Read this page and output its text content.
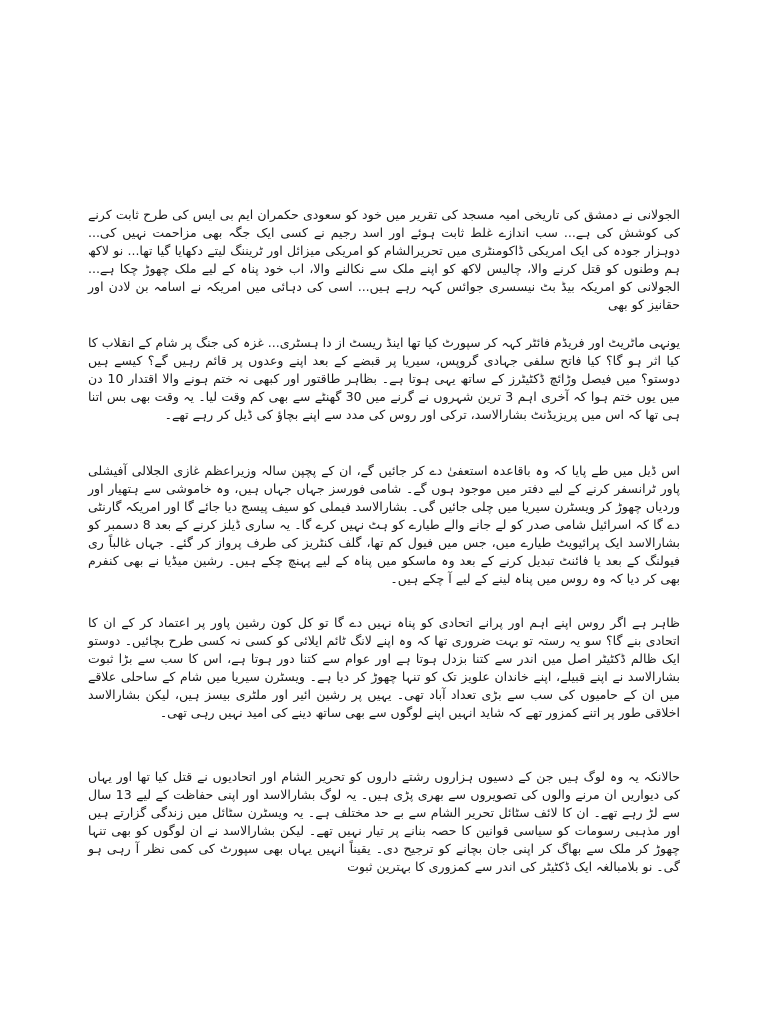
الجولانی نے دمشق کی تاریخی امیہ مسجد کی تقریر میں خود کو سعودی حکمران ایم بی ایس کی طرح ثابت کرنے کی کوشش کی ہے... سب اندازے غلط ثابت ہوئے اور اسد رجیم نے کسی ایک جگہ بھی مزاحمت نہیں کی... دوہزار جودہ کی ایک امریکی ڈاکومنٹری میں تحریرالشام کو امریکی میزائل اور ٹریننگ لیتے دکھایا گیا تھا... نو لاکھ ہم وطنوں کو قتل کرنے والا، چالیس لاکھ کو اپنے ملک سے نکالنے والا، اب خود پناہ کے لیے ملک چھوڑ چکا ہے... الجولانی کو امریکہ بیڈ بٹ نیسسری جوائس کہہ رہے ہیں... اسی کی دہائی میں امریکہ نے اسامہ بن لادن اور حقانیز کو بھی

یونہی ماٹریٹ اور فریڈم فائٹر کہہ کر سپورٹ کیا تھا اینڈ ریسٹ از دا ہسٹری... غزہ کی جنگ پر شام کے انقلاب کا کیا اثر ہو گا؟ کیا فاتح سلفی جہادی گروپس، سیریا پر قبضے کے بعد اپنے وعدوں پر قائم رہیں گے؟ کیسے ہیں دوستو؟ میں فیصل وڑائچ ڈکٹیٹرز کے ساتھ یہی ہوتا ہے۔ بظاہر طاقتور اور کبھی نہ ختم ہونے والا اقتدار 10 دن میں یوں ختم ہوا کہ آخری اہم 3 ترین شہروں نے گرنے میں 30 گھنٹے سے بھی کم وقت لیا۔ یہ وقت بھی بس اتنا ہی تھا کہ اس میں پریزیڈنٹ بشارالاسد، ترکی اور روس کی مدد سے اپنے بچاؤ کی ڈیل کر رہے تھے۔

اس ڈیل میں طے پایا کہ وہ باقاعدہ استعفیٰ دے کر جائیں گے، ان کے پچپن سالہ وزیراعظم غازی الجلالی آفیشلی پاور ٹرانسفر کرنے کے لیے دفتر میں موجود ہوں گے۔ شامی فورسز جہاں جہاں ہیں، وہ خاموشی سے ہتھیار اور وردیاں چھوڑ کر ویسٹرن سیریا میں چلی جائیں گی۔ بشارالاسد فیملی کو سیف پیسج دیا جائے گا اور امریکہ گارنٹی دے گا کہ اسرائیل شامی صدر کو لے جانے والے طیارے کو ہٹ نہیں کرے گا۔ یہ ساری ڈیلز کرنے کے بعد 8 دسمبر کو بشارالاسد ایک پرائیویٹ طیارے میں، جس میں فیول کم تھا، گلف کنٹریز کی طرف پرواز کر گئے۔ جہاں غالباً ری فیولنگ کے بعد یا فائنٹ تبدیل کرنے کے بعد وہ ماسکو میں پناہ کے لیے پہنچ چکے ہیں۔ رشین میڈیا نے بھی کنفرم بھی کر دیا کہ وہ روس میں پناہ لینے کے لیے آ چکے ہیں۔

ظاہر ہے اگر روس اپنے اہم اور پرانے اتحادی کو پناہ نہیں دے گا تو کل کون رشین پاور پر اعتماد کر کے ان کا اتحادی بنے گا؟ سو یہ رستہ تو بہت ضروری تھا کہ وہ اپنے لانگ ٹائم ایلائی کو کسی نہ کسی طرح بچائیں۔ دوستو ایک ظالم ڈکٹیٹر اصل میں اندر سے کتنا بزدل ہوتا ہے اور عوام سے کتنا دور ہوتا ہے، اس کا سب سے بڑا ثبوت بشارالاسد نے اپنے قبیلے، اپنے خاندان علویز تک کو تنہا چھوڑ کر دیا ہے۔ ویسٹرن سیریا میں شام کے ساحلی علاقے میں ان کے حامیوں کی سب سے بڑی تعداد آباد تھی۔ یہیں پر رشین ائیر اور ملٹری بیسز ہیں، لیکن بشارالاسد اخلاقی طور پر اتنے کمزور تھے کہ شاید انہیں اپنے لوگوں سے بھی ساتھ دینے کی امید نہیں رہی تھی۔

حالانکہ یہ وہ لوگ ہیں جن کے دسیوں ہزاروں رشتے داروں کو تحریر الشام اور اتحادیوں نے قتل کیا تھا اور یہاں کی دیواریں ان مرنے والوں کی تصویروں سے بھری پڑی ہیں۔ یہ لوگ بشارالاسد اور اپنی حفاظت کے لیے 13 سال سے لڑ رہے تھے۔ ان کا لائف سٹائل تحریر الشام سے بے حد مختلف ہے۔ یہ ویسٹرن سٹائل میں زندگی گزارتے ہیں اور مذہبی رسومات کو سیاسی قوانین کا حصہ بنانے پر تیار نہیں تھے۔ لیکن بشارالاسد نے ان لوگوں کو بھی تنہا چھوڑ کر ملک سے بھاگ کر اپنی جان بچانے کو ترجیح دی۔ یقیناً انہیں یہاں بھی سپورٹ کی کمی نظر آ رہی ہو گی۔ نو بلامبالغہ ایک ڈکٹیٹر کی اندر سے کمزوری کا بہترین ثبوت
